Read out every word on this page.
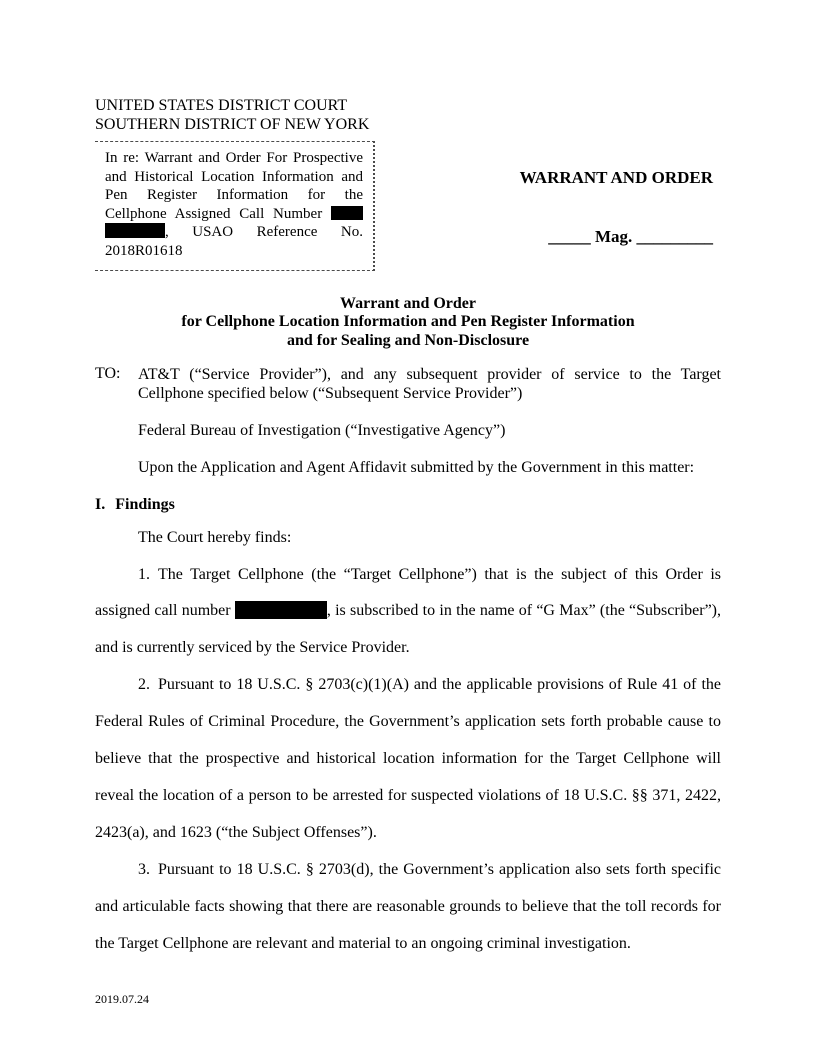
UNITED STATES DISTRICT COURT
SOUTHERN DISTRICT OF NEW YORK
In re: Warrant and Order For Prospective
and Historical Location Information and
Pen Register Information for the
Cellphone Assigned Call Number
, USAO Reference No.
2018R01618
WARRANT AND ORDER
_____ Mag. _________
Warrant and Order
for Cellphone Location Information and Pen Register Information
and for Sealing and Non-Disclosure
TO: AT&T (“Service Provider”), and any subsequent provider of service to the Target Cellphone specified below (“Subsequent Service Provider”)

Federal Bureau of Investigation (“Investigative Agency”)

Upon the Application and Agent Affidavit submitted by the Government in this matter:

I. Findings

The Court hereby finds:

1. The Target Cellphone (the “Target Cellphone”) that is the subject of this Order is assigned call number	, is subscribed to in the name of “G Max” (the “Subscriber”), and is currently serviced by the Service Provider.

2. Pursuant to 18 U.S.C. § 2703(c)(1)(A) and the applicable provisions of Rule 41 of the Federal Rules of Criminal Procedure, the Government’s application sets forth probable cause to believe that the prospective and historical location information for the Target Cellphone will reveal the location of a person to be arrested for suspected violations of 18 U.S.C. §§ 371, 2422, 2423(a), and 1623 (“the Subject Offenses”).

3. Pursuant to 18 U.S.C. § 2703(d), the Government’s application also sets forth specific and articulable facts showing that there are reasonable grounds to believe that the toll records for the Target Cellphone are relevant and material to an ongoing criminal investigation.

2019.07.24
